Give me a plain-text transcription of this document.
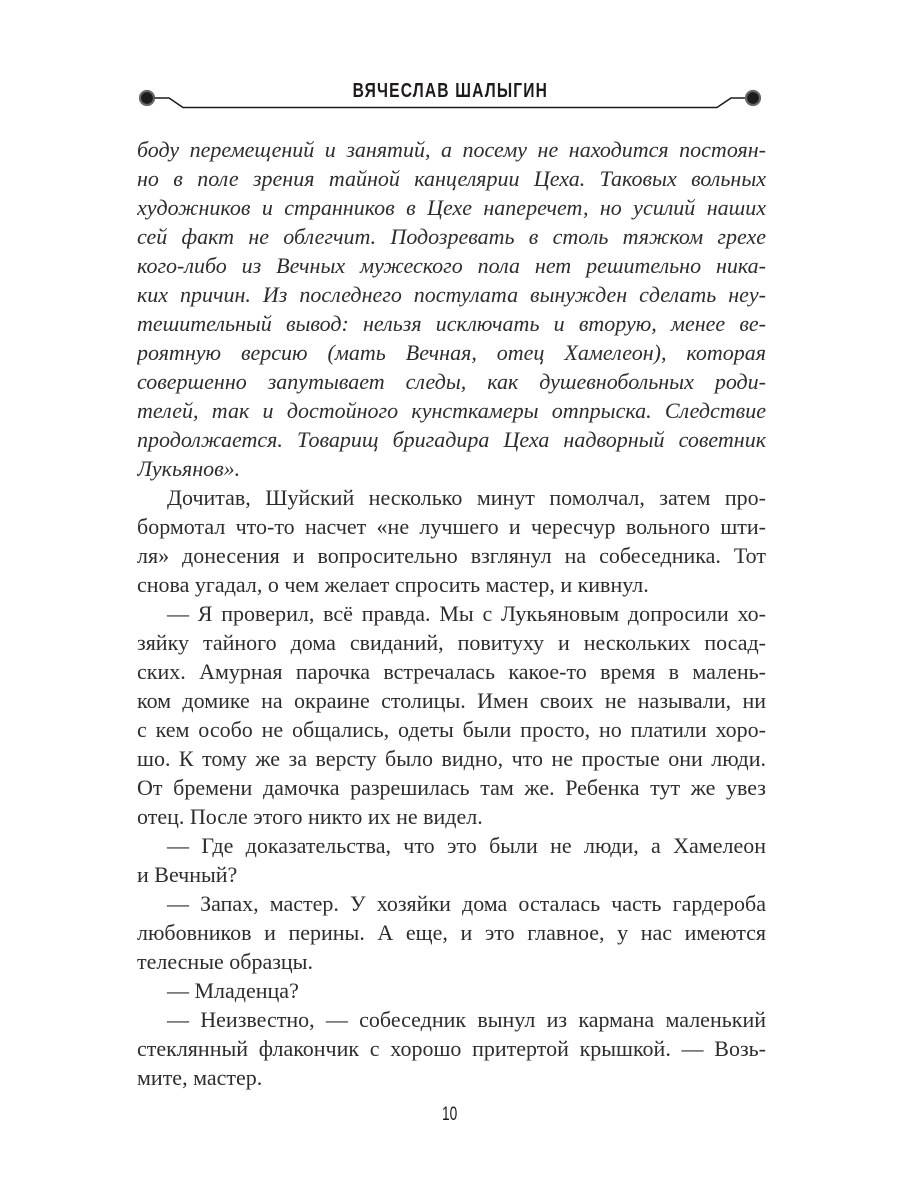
ВЯЧЕСЛАВ ШАЛЫГИН
боду перемещений и занятий, а посему не находится постоян-
но в поле зрения тайной канцелярии Цеха. Таковых вольных
художников и странников в Цехе наперечет, но усилий наших
сей факт не облегчит. Подозревать в столь тяжком грехе
кого-либо из Вечных мужеского пола нет решительно ника-
ких причин. Из последнего постулата вынужден сделать неу-
тешительный вывод: нельзя исключать и вторую, менее ве-
роятную версию (мать Вечная, отец Хамелеон), которая
совершенно запутывает следы, как душевнобольных роди-
телей, так и достойного кунсткамеры отпрыска. Следствие
продолжается. Товарищ бригадира Цеха надворный советник
Лукьянов».
Дочитав, Шуйский несколько минут помолчал, затем про-
бормотал что-то насчет «не лучшего и чересчур вольного шти-
ля» донесения и вопросительно взглянул на собеседника. Тот
снова угадал, о чем желает спросить мастер, и кивнул.
— Я проверил, всё правда. Мы с Лукьяновым допросили хо-
зяйку тайного дома свиданий, повитуху и нескольких посад-
ских. Амурная парочка встречалась какое-то время в малень-
ком домике на окраине столицы. Имен своих не называли, ни
с кем особо не общались, одеты были просто, но платили хоро-
шо. К тому же за версту было видно, что не простые они люди.
От бремени дамочка разрешилась там же. Ребенка тут же увез
отец. После этого никто их не видел.
— Где доказательства, что это были не люди, а Хамелеон
и Вечный?
— Запах, мастер. У хозяйки дома осталась часть гардероба
любовников и перины. А еще, и это главное, у нас имеются
телесные образцы.
— Младенца?
— Неизвестно, — собеседник вынул из кармана маленький
стеклянный флакончик с хорошо притертой крышкой. — Возь-
мите, мастер.
10
